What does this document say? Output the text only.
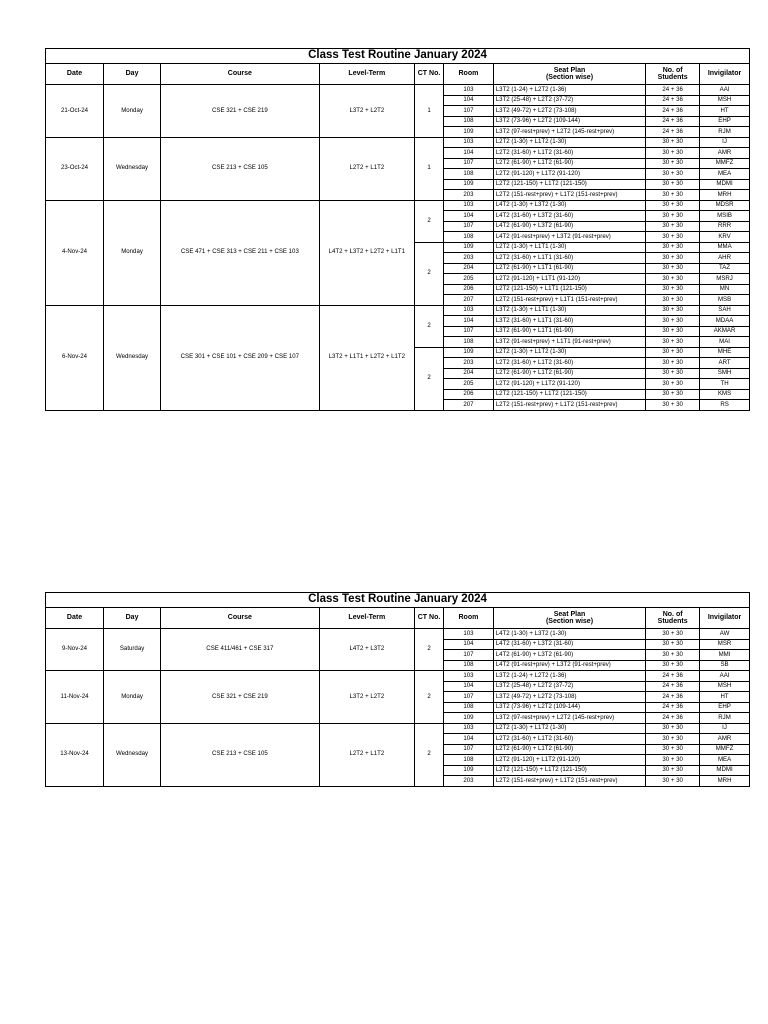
Class Test Routine January 2024								
Date	Day	Course	Level-Term	CT No.	Room	Seat Plan
(Section wise)	No. of
Students	Invigilator
21-Oct-24	Monday	CSE 321 + CSE 219	L3T2 + L2T2	1	103	L3T2 (1-24) + L2T2 (1-36)	24 + 36	AAI
					104	L3T2 (25-48) + L2T2 (37-72)	24 + 36	MSH
					107	L3T2 (49-72) + L2T2 (73-108)	24 + 36	HT
					108	L3T2 (73-96) + L2T2 (109-144)	24 + 36	EHP
					109	L3T2 (97-rest+prev) + L2T2 (145-rest+prev)	24 + 36	RJM
23-Oct-24	Wednesday	CSE 213 + CSE 105	L2T2 + L1T2	1	103	L2T2 (1-30) + L1T2 (1-30)	30 + 30	IJ
					104	L2T2 (31-60) + L1T2 (31-60)	30 + 30	AMR
					107	L2T2 (61-90) + L1T2 (61-90)	30 + 30	MMFZ
					108	L2T2 (91-120) + L1T2 (91-120)	30 + 30	MEA
					109	L2T2 (121-150) + L1T2 (121-150)	30 + 30	MDMI
					203	L2T2 (151-rest+prev) + L1T2 (151-rest+prev)	30 + 30	MRH
4-Nov-24	Monday	CSE 471 + CSE 313 + CSE 211 + CSE 103	L4T2 + L3T2 + L2T2 + L1T1	2	103	L4T2 (1-30) + L3T2 (1-30)	30 + 30	MDSR
					104	L4T2 (31-60) + L3T2 (31-60)	30 + 30	MSIB
					107	L4T2 (61-90) + L3T2 (61-90)	30 + 30	RRR
					108	L4T2 (91-rest+prev) + L3T2 (91-rest+prev)	30 + 30	KRV
				2	109	L2T2 (1-30) + L1T1 (1-30)	30 + 30	MMA
					203	L2T2 (31-60) + L1T1 (31-60)	30 + 30	AHR
					204	L2T2 (61-90) + L1T1 (61-90)	30 + 30	TAZ
					205	L2T2 (91-120) + L1T1 (91-120)	30 + 30	MSRJ
					206	L2T2 (121-150) + L1T1 (121-150)	30 + 30	MN
					207	L2T2 (151-rest+prev) + L1T1 (151-rest+prev)	30 + 30	MSB
6-Nov-24	Wednesday	CSE 301 + CSE 101 + CSE 209 + CSE 107	L3T2 + L1T1 + L2T2 + L1T2	2	103	L3T2 (1-30) + L1T1 (1-30)	30 + 30	SAH
					104	L3T2 (31-60) + L1T1 (31-60)	30 + 30	MDAA
					107	L3T2 (61-90) + L1T1 (61-90)	30 + 30	AKMAR
					108	L3T2 (91-rest+prev) + L1T1 (91-rest+prev)	30 + 30	MAI
				2	109	L2T2 (1-30) + L1T2 (1-30)	30 + 30	MHE
					203	L2T2 (31-60) + L1T2 (31-60)	30 + 30	ART
					204	L2T2 (61-90) + L1T2 (61-90)	30 + 30	SMH
					205	L2T2 (91-120) + L1T2 (91-120)	30 + 30	TH
					206	L2T2 (121-150) + L1T2 (121-150)	30 + 30	KMS
					207	L2T2 (151-rest+prev) + L1T2 (151-rest+prev)	30 + 30	RS
Class Test Routine January 2024								
Date	Day	Course	Level-Term	CT No.	Room	Seat Plan
(Section wise)	No. of
Students	Invigilator
9-Nov-24	Saturday	CSE 411/461 + CSE 317	L4T2 + L3T2	2	103	L4T2 (1-30) + L3T2 (1-30)	30 + 30	AW
					104	L4T2 (31-60) + L3T2 (31-60)	30 + 30	MSR
					107	L4T2 (61-90) + L3T2 (61-90)	30 + 30	MMI
					108	L4T2 (91-rest+prev) + L3T2 (91-rest+prev)	30 + 30	SB
11-Nov-24	Monday	CSE 321 + CSE 219	L3T2 + L2T2	2	103	L3T2 (1-24) + L2T2 (1-36)	24 + 36	AAI
					104	L3T2 (25-48) + L2T2 (37-72)	24 + 36	MSH
					107	L3T2 (49-72) + L2T2 (73-108)	24 + 36	HT
					108	L3T2 (73-96) + L2T2 (109-144)	24 + 36	EHP
					109	L3T2 (97-rest+prev) + L2T2 (145-rest+prev)	24 + 36	RJM
13-Nov-24	Wednesday	CSE 213 + CSE 105	L2T2 + L1T2	2	103	L2T2 (1-30) + L1T2 (1-30)	30 + 30	IJ
					104	L2T2 (31-60) + L1T2 (31-60)	30 + 30	AMR
					107	L2T2 (61-90) + L1T2 (61-90)	30 + 30	MMFZ
					108	L2T2 (91-120) + L1T2 (91-120)	30 + 30	MEA
					109	L2T2 (121-150) + L1T2 (121-150)	30 + 30	MDMI
					203	L2T2 (151-rest+prev) + L1T2 (151-rest+prev)	30 + 30	MRH
